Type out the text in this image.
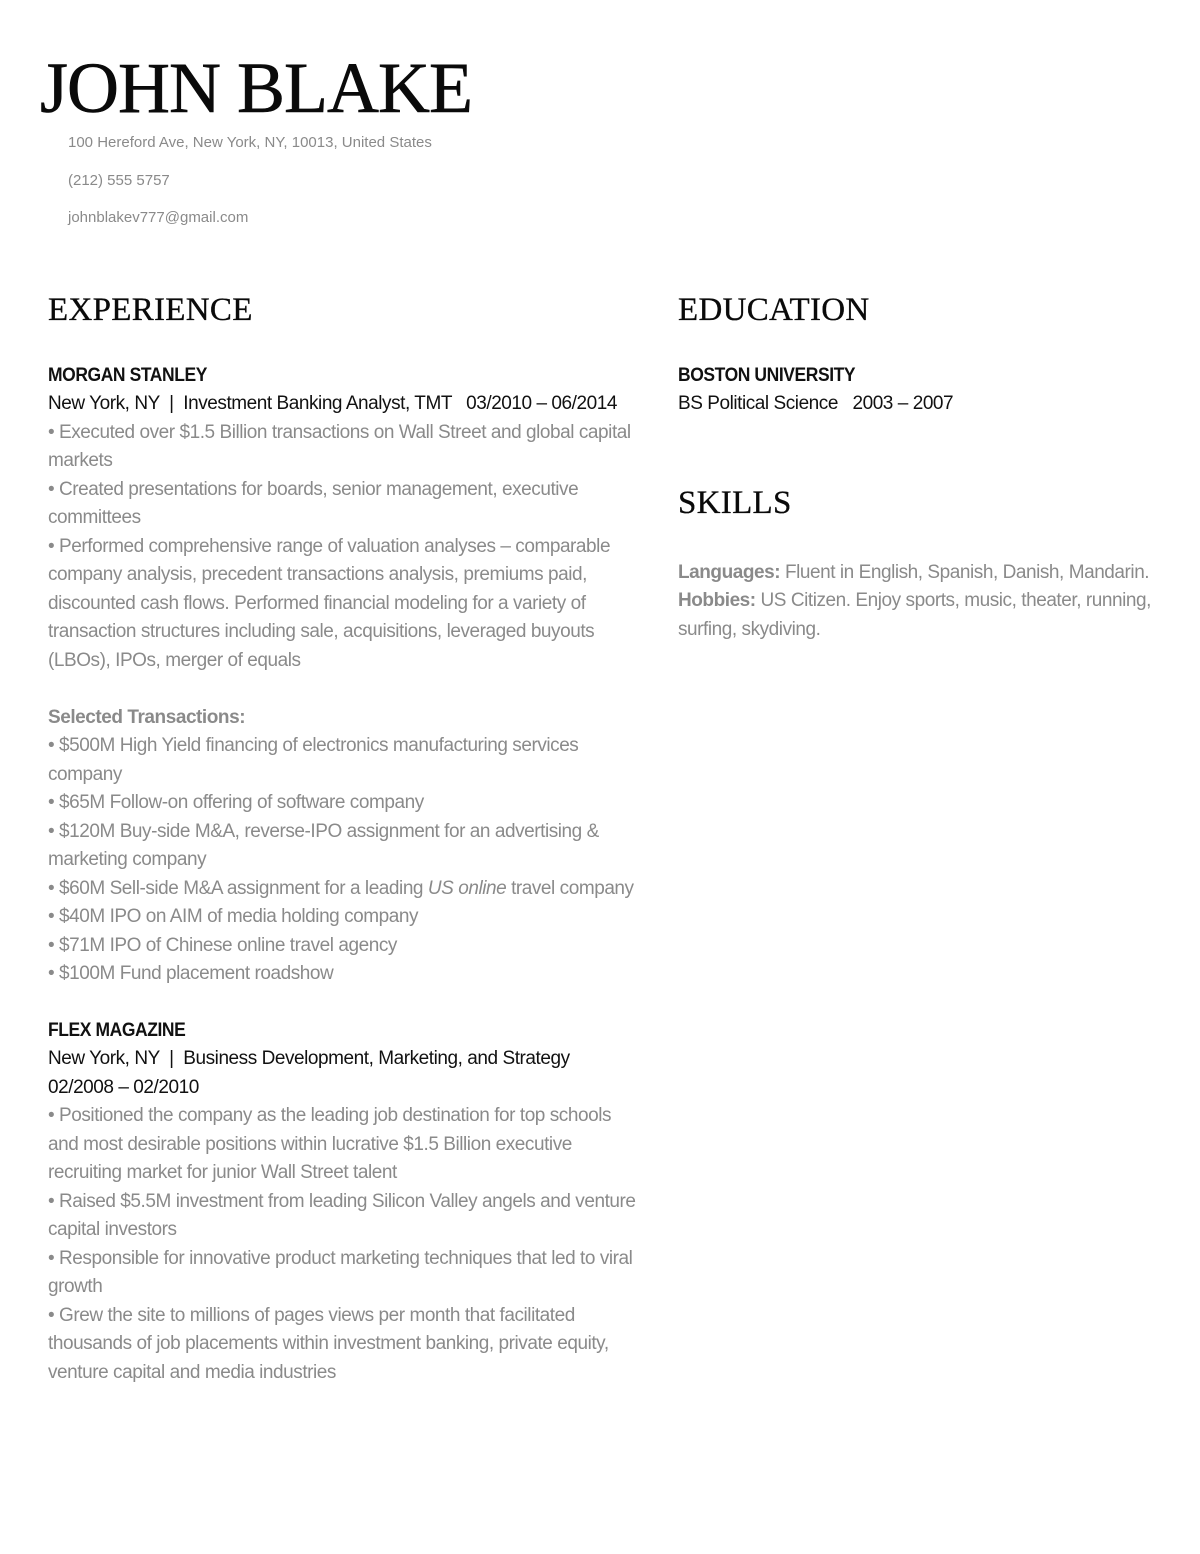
JOHN BLAKE
100 Hereford Ave, New York, NY, 10013, United States
(212) 555 5757
johnblakev777@gmail.com
EXPERIENCE
MORGAN STANLEY
New York, NY  |  Investment Banking Analyst, TMT   03/2010 – 06/2014

• Executed over $1.5 Billion transactions on Wall Street and global capital markets

• Created presentations for boards, senior management, executive committees

• Performed comprehensive range of valuation analyses – comparable company analysis, precedent transactions analysis, premiums paid, discounted cash flows. Performed financial modeling for a variety of transaction structures including sale, acquisitions, leveraged buyouts (LBOs), IPOs, merger of equals

Selected Transactions:

• $500M High Yield financing of electronics manufacturing services company

• $65M Follow-on offering of software company

• $120M Buy-side M&A, reverse-IPO assignment for an advertising & marketing company

• $60M Sell-side M&A assignment for a leading US online travel company

• $40M IPO on AIM of media holding company

• $71M IPO of Chinese online travel agency

• $100M Fund placement roadshow

FLEX MAGAZINE
New York, NY  |  Business Development, Marketing, and Strategy   02/2008 – 02/2010

• Positioned the company as the leading job destination for top schools and most desirable positions within lucrative $1.5 Billion executive recruiting market for junior Wall Street talent

• Raised $5.5M investment from leading Silicon Valley angels and venture capital investors

• Responsible for innovative product marketing techniques that led to viral growth

• Grew the site to millions of pages views per month that facilitated thousands of job placements within investment banking, private equity, venture capital and media industries

EDUCATION
BOSTON UNIVERSITY
BS Political Science   2003 – 2007
SKILLS

Languages: Fluent in English, Spanish, Danish, Mandarin.

Hobbies: US Citizen. Enjoy sports, music, theater, running, surfing, skydiving.
